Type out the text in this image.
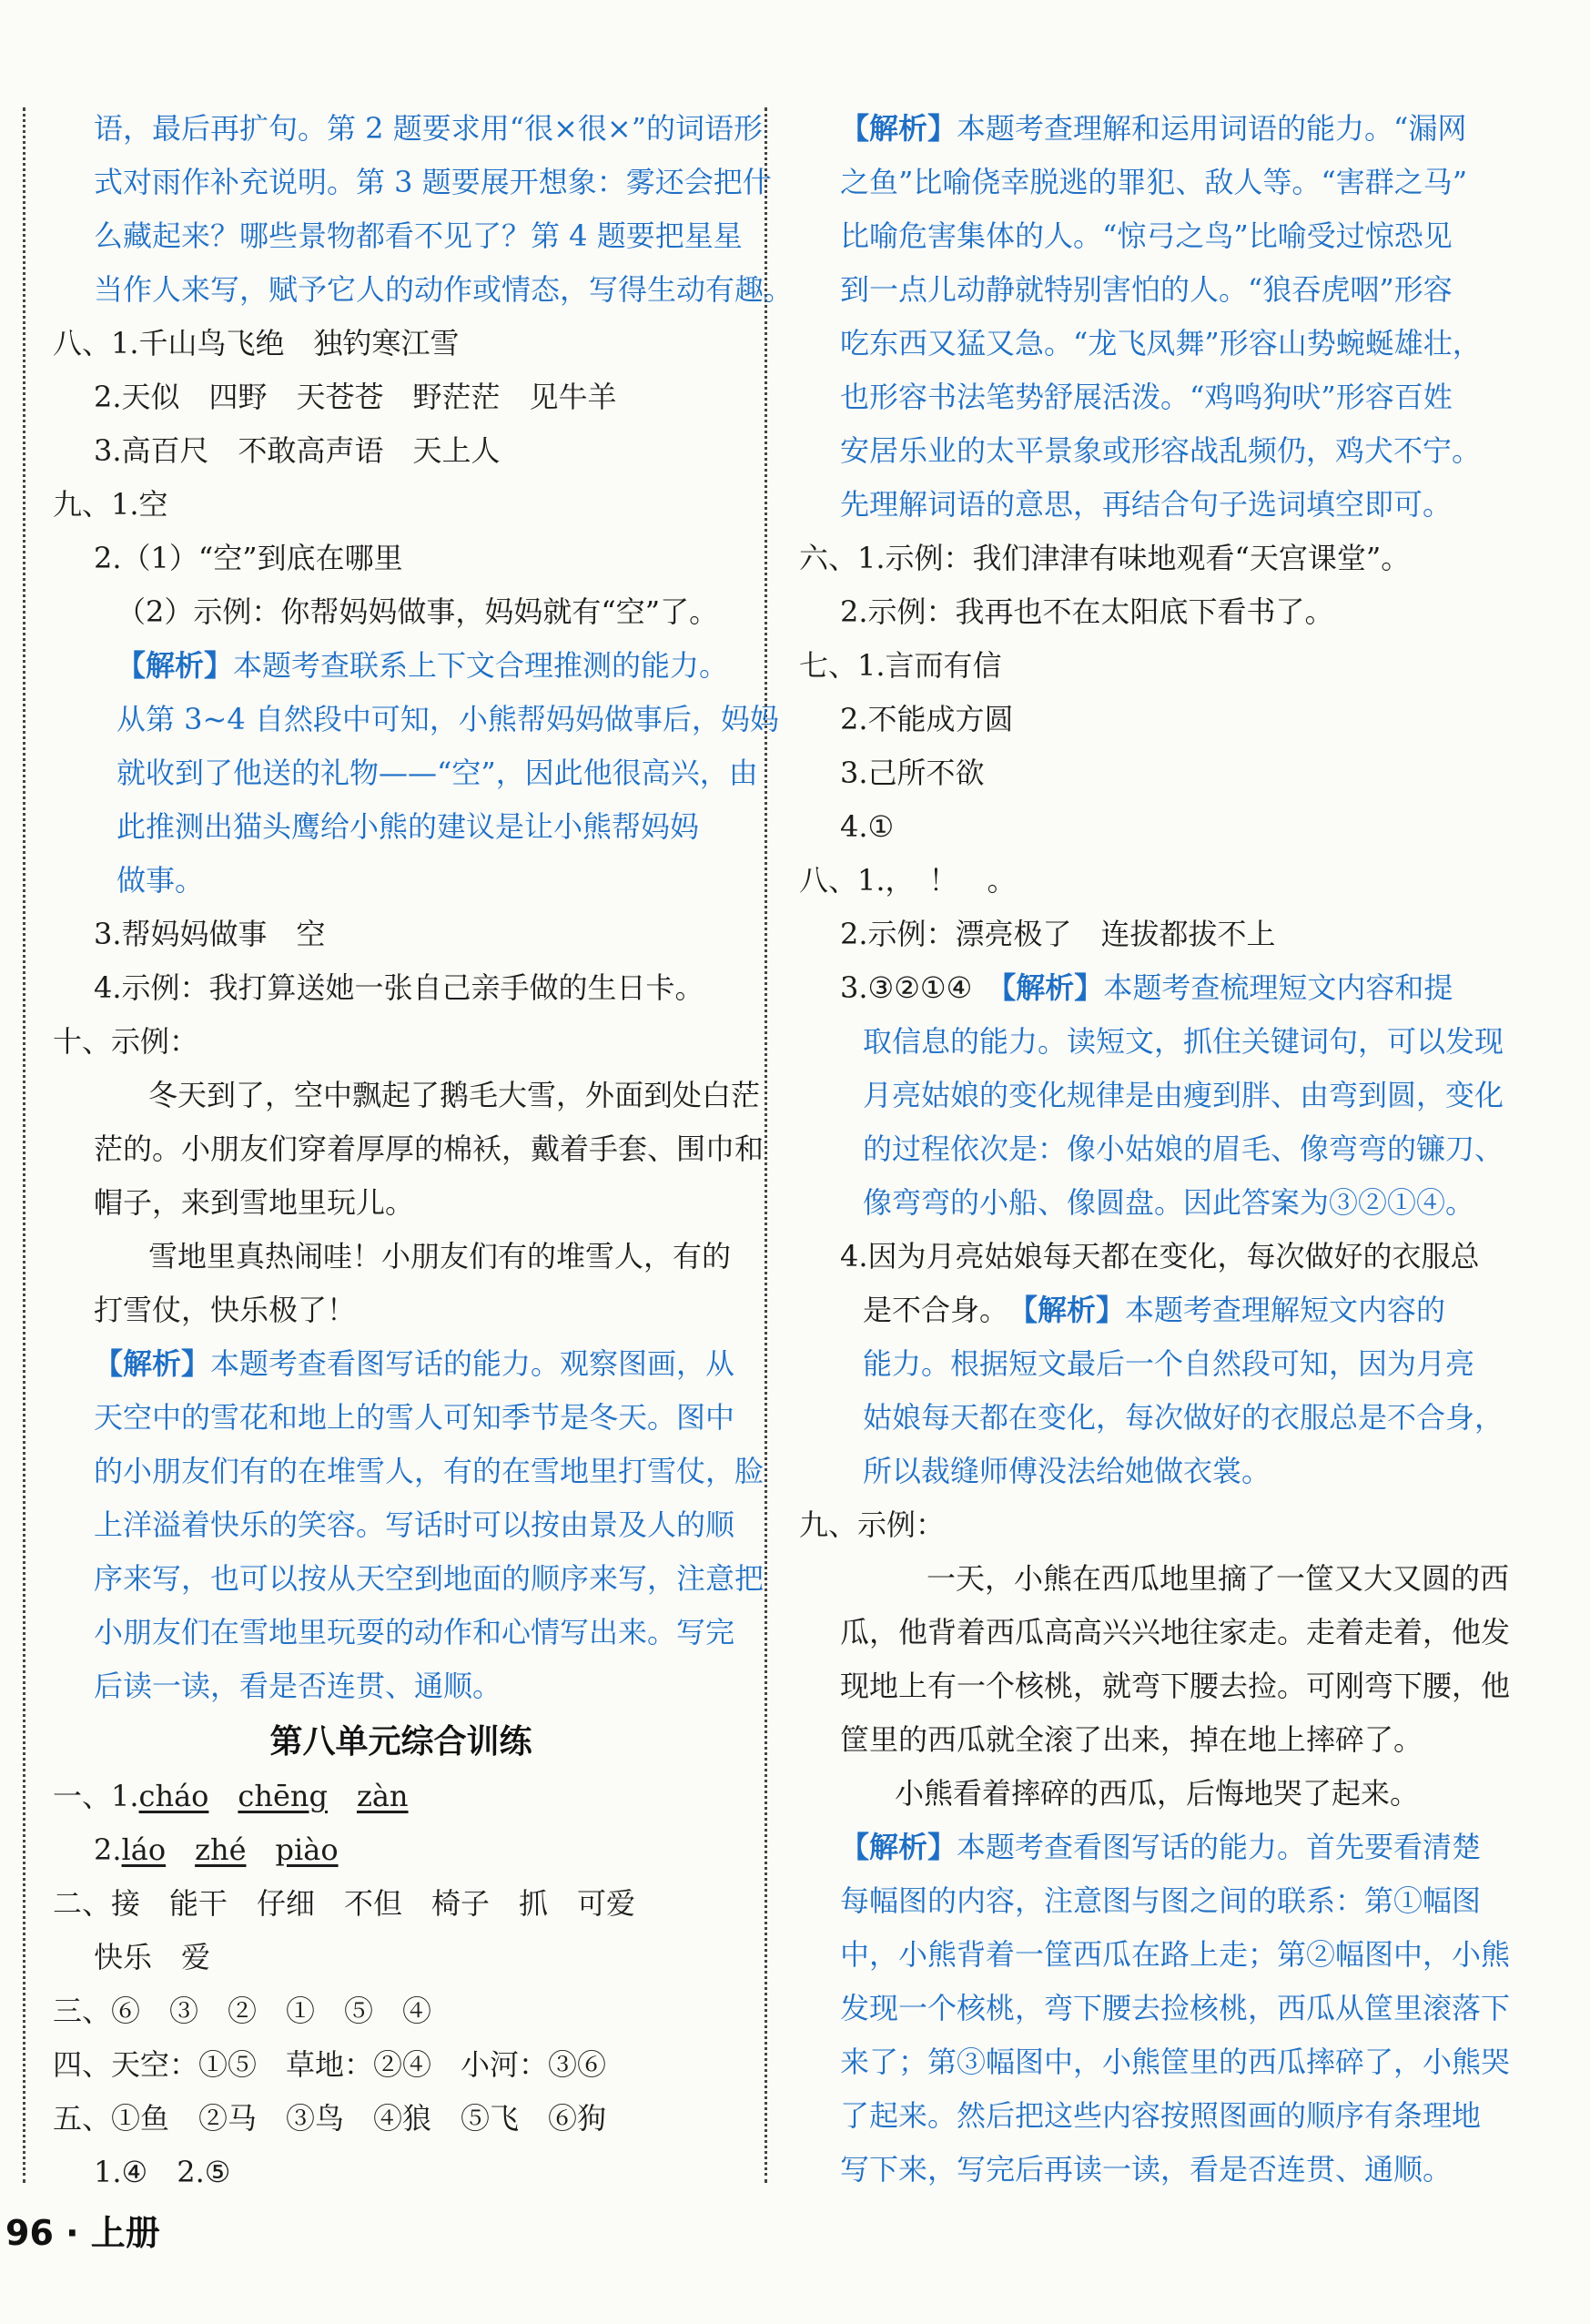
语，最后再扩句。第 2 题要求用“很×很×”的词语形
式对雨作补充说明。第 3 题要展开想象：雾还会把什
么藏起来？哪些景物都看不见了？第 4 题要把星星
当作人来写，赋予它人的动作或情态，写得生动有趣。
八、1.千山鸟飞绝　独钓寒江雪
2.天似　四野　天苍苍　野茫茫　见牛羊
3.高百尺　不敢高声语　天上人
九、1.空
2.（1）“空”到底在哪里
（2）示例：你帮妈妈做事，妈妈就有“空”了。
【解析】本题考查联系上下文合理推测的能力。
从第 3~4 自然段中可知，小熊帮妈妈做事后，妈妈
就收到了他送的礼物——“空”，因此他很高兴，由
此推测出猫头鹰给小熊的建议是让小熊帮妈妈
做事。
3.帮妈妈做事　空
4.示例：我打算送她一张自己亲手做的生日卡。
十、示例：
冬天到了，空中飘起了鹅毛大雪，外面到处白茫
茫的。小朋友们穿着厚厚的棉袄，戴着手套、围巾和
帽子，来到雪地里玩儿。
雪地里真热闹哇！小朋友们有的堆雪人，有的
打雪仗，快乐极了！
【解析】本题考查看图写话的能力。观察图画，从
天空中的雪花和地上的雪人可知季节是冬天。图中
的小朋友们有的在堆雪人，有的在雪地里打雪仗，脸
上洋溢着快乐的笑容。写话时可以按由景及人的顺
序来写，也可以按从天空到地面的顺序来写，注意把
小朋友们在雪地里玩耍的动作和心情写出来。写完
后读一读，看是否连贯、通顺。
第八单元综合训练
一、1.cháo chēng zàn
2.láo zhé piào
二、接　能干　仔细　不但　椅子　抓　可爱
快乐　爱
三、⑥　③　②　①　⑤　④
四、天空：①⑤　草地：②④　小河：③⑥
五、①鱼　②马　③鸟　④狼　⑤飞　⑥狗
1.④　2.⑤
【解析】本题考查理解和运用词语的能力。“漏网
之鱼”比喻侥幸脱逃的罪犯、敌人等。“害群之马”
比喻危害集体的人。“惊弓之鸟”比喻受过惊恐见
到一点儿动静就特别害怕的人。“狼吞虎咽”形容
吃东西又猛又急。“龙飞凤舞”形容山势蜿蜒雄壮，
也形容书法笔势舒展活泼。“鸡鸣狗吠”形容百姓
安居乐业的太平景象或形容战乱频仍，鸡犬不宁。
先理解词语的意思，再结合句子选词填空即可。
六、1.示例：我们津津有味地观看“天宫课堂”。
2.示例：我再也不在太阳底下看书了。
七、1.言而有信
2.不能成方圆
3.己所不欲
4.①
八、1.，　！　。
2.示例：漂亮极了　连拔都拔不上
3.③②①④　【解析】本题考查梳理短文内容和提
取信息的能力。读短文，抓住关键词句，可以发现
月亮姑娘的变化规律是由瘦到胖、由弯到圆，变化
的过程依次是：像小姑娘的眉毛、像弯弯的镰刀、
像弯弯的小船、像圆盘。因此答案为③②①④。
4.因为月亮姑娘每天都在变化，每次做好的衣服总
是不合身。　【解析】本题考查理解短文内容的
能力。根据短文最后一个自然段可知，因为月亮
姑娘每天都在变化，每次做好的衣服总是不合身，
所以裁缝师傅没法给她做衣裳。
九、示例：
一天，小熊在西瓜地里摘了一筐又大又圆的西
瓜，他背着西瓜高高兴兴地往家走。走着走着，他发
现地上有一个核桃，就弯下腰去捡。可刚弯下腰，他
筐里的西瓜就全滚了出来，掉在地上摔碎了。
小熊看着摔碎的西瓜，后悔地哭了起来。
【解析】本题考查看图写话的能力。首先要看清楚
每幅图的内容，注意图与图之间的联系：第①幅图
中，小熊背着一筐西瓜在路上走；第②幅图中，小熊
发现一个核桃，弯下腰去捡核桃，西瓜从筐里滚落下
来了；第③幅图中，小熊筐里的西瓜摔碎了，小熊哭
了起来。然后把这些内容按照图画的顺序有条理地
写下来，写完后再读一读，看是否连贯、通顺。
96 · 上册
